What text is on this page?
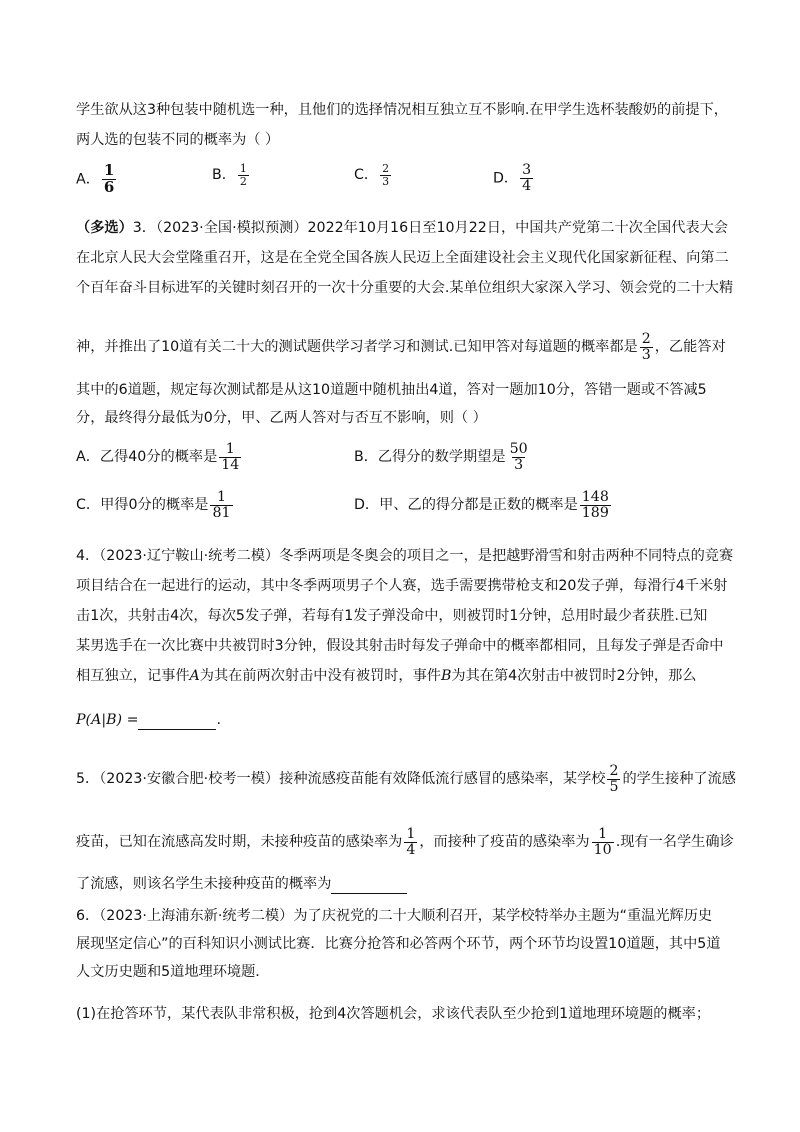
学生欲从这3种包装中随机选一种，且他们的选择情况相互独立互不影响.在甲学生选杯装酸奶的前提下，
两人选的包装不同的概率为（ ）
A． $\frac{1}{6}$	B． $\frac{1}{2}$	C． $\frac{2}{3}$	D． $\frac{3}{4}$
（多选）3．（2023·全国·模拟预测）2022年10月16日至10月22日，中国共产党第二十次全国代表大会
在北京人民大会堂隆重召开，这是在全党全国各族人民迈上全面建设社会主义现代化国家新征程、向第二
个百年奋斗目标进军的关键时刻召开的一次十分重要的大会.某单位组织大家深入学习、领会党的二十大精
神，并推出了10道有关二十大的测试题供学习者学习和测试.已知甲答对每道题的概率都是 $\frac{2}{3}$ ，乙能答对
其中的6道题，规定每次测试都是从这10道题中随机抽出4道，答对一题加10分，答错一题或不答减5
分，最终得分最低为0分，甲、乙两人答对与否互不影响，则（ ）
A．乙得40分的概率是 $\frac{1}{14}$	B．乙得分的数学期望是 $\frac{50}{3}$
C．甲得0分的概率是 $\frac{1}{81}$	D．甲、乙的得分都是正数的概率是 $\frac{148}{189}$
4．（2023·辽宁鞍山·统考二模）冬季两项是冬奥会的项目之一，是把越野滑雪和射击两种不同特点的竞赛
项目结合在一起进行的运动，其中冬季两项男子个人赛，选手需要携带枪支和20发子弹，每滑行4千米射
击1次，共射击4次，每次5发子弹，若每有1发子弹没命中，则被罚时1分钟，总用时最少者获胜.已知
某男选手在一次比赛中共被罚时3分钟，假设其射击时每发子弹命中的概率都相同，且每发子弹是否命中
相互独立，记事件A为其在前两次射击中没有被罚时，事件B为其在第4次射击中被罚时2分钟，那么
P(A|B) =	.
5．（2023·安徽合肥·校考一模）接种流感疫苗能有效降低流行感冒的感染率，某学校 $\frac{2}{5}$ 的学生接种了流感
疫苗，已知在流感高发时期，未接种疫苗的感染率为 $\frac{1}{4}$ ，而接种了疫苗的感染率为 $\frac{1}{10}$ .现有一名学生确诊
了流感，则该名学生未接种疫苗的概率为
6．（2023·上海浦东新·统考二模）为了庆祝党的二十大顺利召开，某学校特举办主题为“重温光辉历史
展现坚定信心”的百科知识小测试比赛．比赛分抢答和必答两个环节，两个环节均设置10道题，其中5道
人文历史题和5道地理环境题.
(1)在抢答环节，某代表队非常积极，抢到4次答题机会，求该代表队至少抢到1道地理环境题的概率；
